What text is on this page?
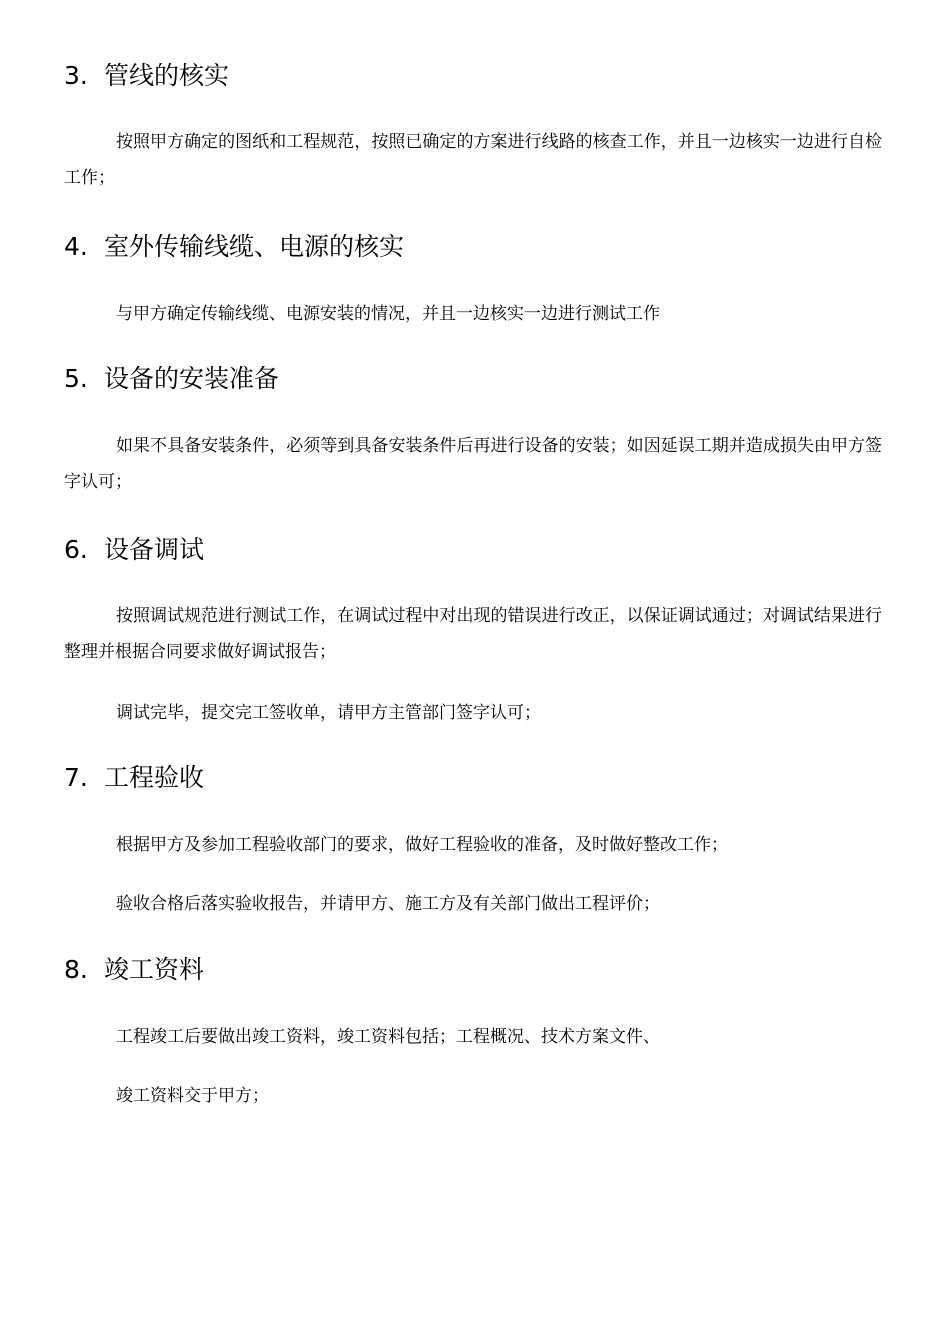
3. 管线的核实
按照甲方确定的图纸和工程规范，按照已确定的方案进行线路的核查工作，并且一边核实一边进行自检工作；
4. 室外传输线缆、电源的核实
与甲方确定传输线缆、电源安装的情况，并且一边核实一边进行测试工作
5. 设备的安装准备
如果不具备安装条件，必须等到具备安装条件后再进行设备的安装；如因延误工期并造成损失由甲方签字认可；
6. 设备调试
按照调试规范进行测试工作，在调试过程中对出现的错误进行改正，以保证调试通过；对调试结果进行整理并根据合同要求做好调试报告；
调试完毕，提交完工签收单，请甲方主管部门签字认可；
7. 工程验收
根据甲方及参加工程验收部门的要求，做好工程验收的准备，及时做好整改工作；
验收合格后落实验收报告，并请甲方、施工方及有关部门做出工程评价；
8. 竣工资料
工程竣工后要做出竣工资料，竣工资料包括；工程概况、技术方案文件、
竣工资料交于甲方；
